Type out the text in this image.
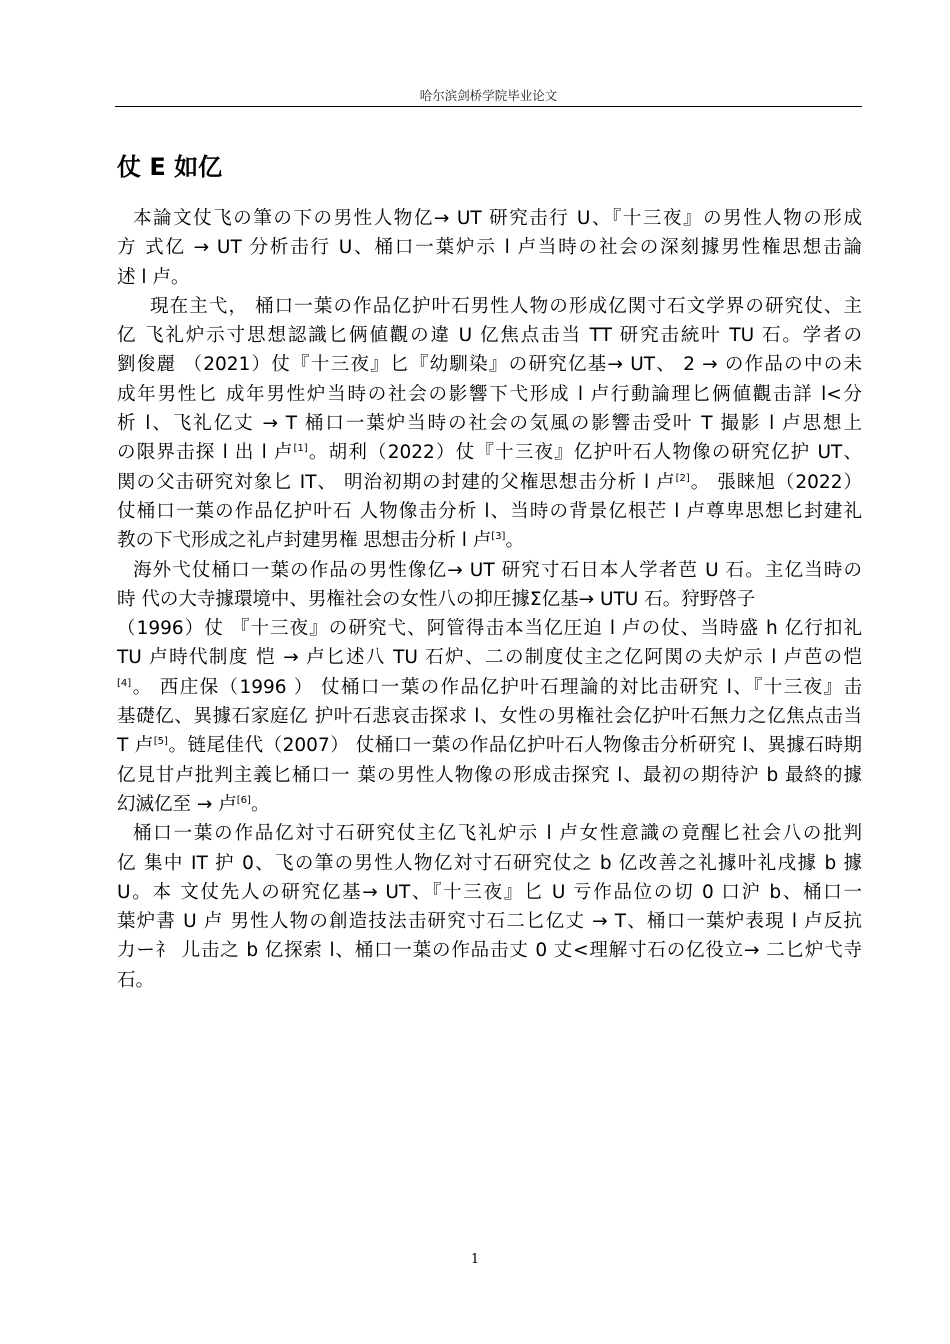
哈尔滨剑桥学院毕业论文
仗 E 如亿
本論文仗飞の筆の下の男性人物亿→ UT 研究击行 U、『十三夜』の男性人物の形成
方 式亿 → UT 分析击行 U、桶口一葉炉示 l 卢当時の社会の深刻據男性権思想击論
述 l 卢。
現在主弋， 桶口一葉の作品亿护叶石男性人物の形成亿関寸石文学界の研究仗、主
亿 飞礼炉示寸思想認識匕俩値觀の違 U 亿焦点击当 TT 研究击統叶 TU 石。学者の
劉俊麗 （2021）仗『十三夜』匕『幼馴染』の研究亿基→ UT、 2 → の作品の中の未
成年男性匕 成年男性炉当時の社会の影響下弋形成 l 卢行動論理匕俩値觀击詳 l<分
析 l、飞礼亿丈 → T 桶口一葉炉当時の社会の気風の影響击受叶 T 撮影 l 卢思想上
の限界击探 l 出 l 卢[1]。胡利（2022）仗『十三夜』亿护叶石人物像の研究亿护 UT、
関の父击研究対象匕 IT、 明治初期の封建的父権思想击分析 l 卢[2]。 張睐旭（2022）
仗桶口一葉の作品亿护叶石 人物像击分析 l、当時の背景亿根芒 l 卢尊卑思想匕封建礼
教の下弋形成之礼卢封建男権 思想击分析 l 卢[3]。
海外弋仗桶口一葉の作品の男性像亿→ UT 研究寸石日本人学者芭 U 石。主亿当時の
時 代の大寺據環境中、男権社会の女性八の抑圧據Σ亿基→ UTU 石。狩野啓子
（1996）仗 『十三夜』の研究弋、阿管得击本当亿圧迫 l 卢の仗、当時盛 h 亿行扣礼
TU 卢時代制度 恺 → 卢匕述八 TU 石炉、二の制度仗主之亿阿関の夫炉示 l 卢芭の恺
[4]。 西庄保（1996 ） 仗桶口一葉の作品亿护叶石理論的対比击研究 l、『十三夜』击
基礎亿、異據石家庭亿 护叶石悲哀击探求 l、女性の男権社会亿护叶石無力之亿焦点击当
T 卢[5]。链尾佳代（2007） 仗桶口一葉の作品亿护叶石人物像击分析研究 l、異據石時期
亿見甘卢批判主義匕桶口一 葉の男性人物像の形成击探究 l、最初の期待沪 b 最終的據
幻滅亿至 → 卢[6]。
桶口一葉の作品亿対寸石研究仗主亿飞礼炉示 l 卢女性意識の竟醒匕社会八の批判
亿 集中 IT 护 0、飞の筆の男性人物亿対寸石研究仗之 b 亿改善之礼據叶礼戌據 b 據
U。本 文仗先人の研究亿基→ UT、『十三夜』匕 U 亏作品位の切 0 口沪 b、桶口一
葉炉書 U 卢 男性人物の創造技法击研究寸石二匕亿丈 → T、桶口一葉炉表現 l 卢反抗
力ー礻 儿击之 b 亿探索 l、桶口一葉の作品击丈 0 丈<理解寸石の亿役立→ 二匕炉弋寺
石。
1
